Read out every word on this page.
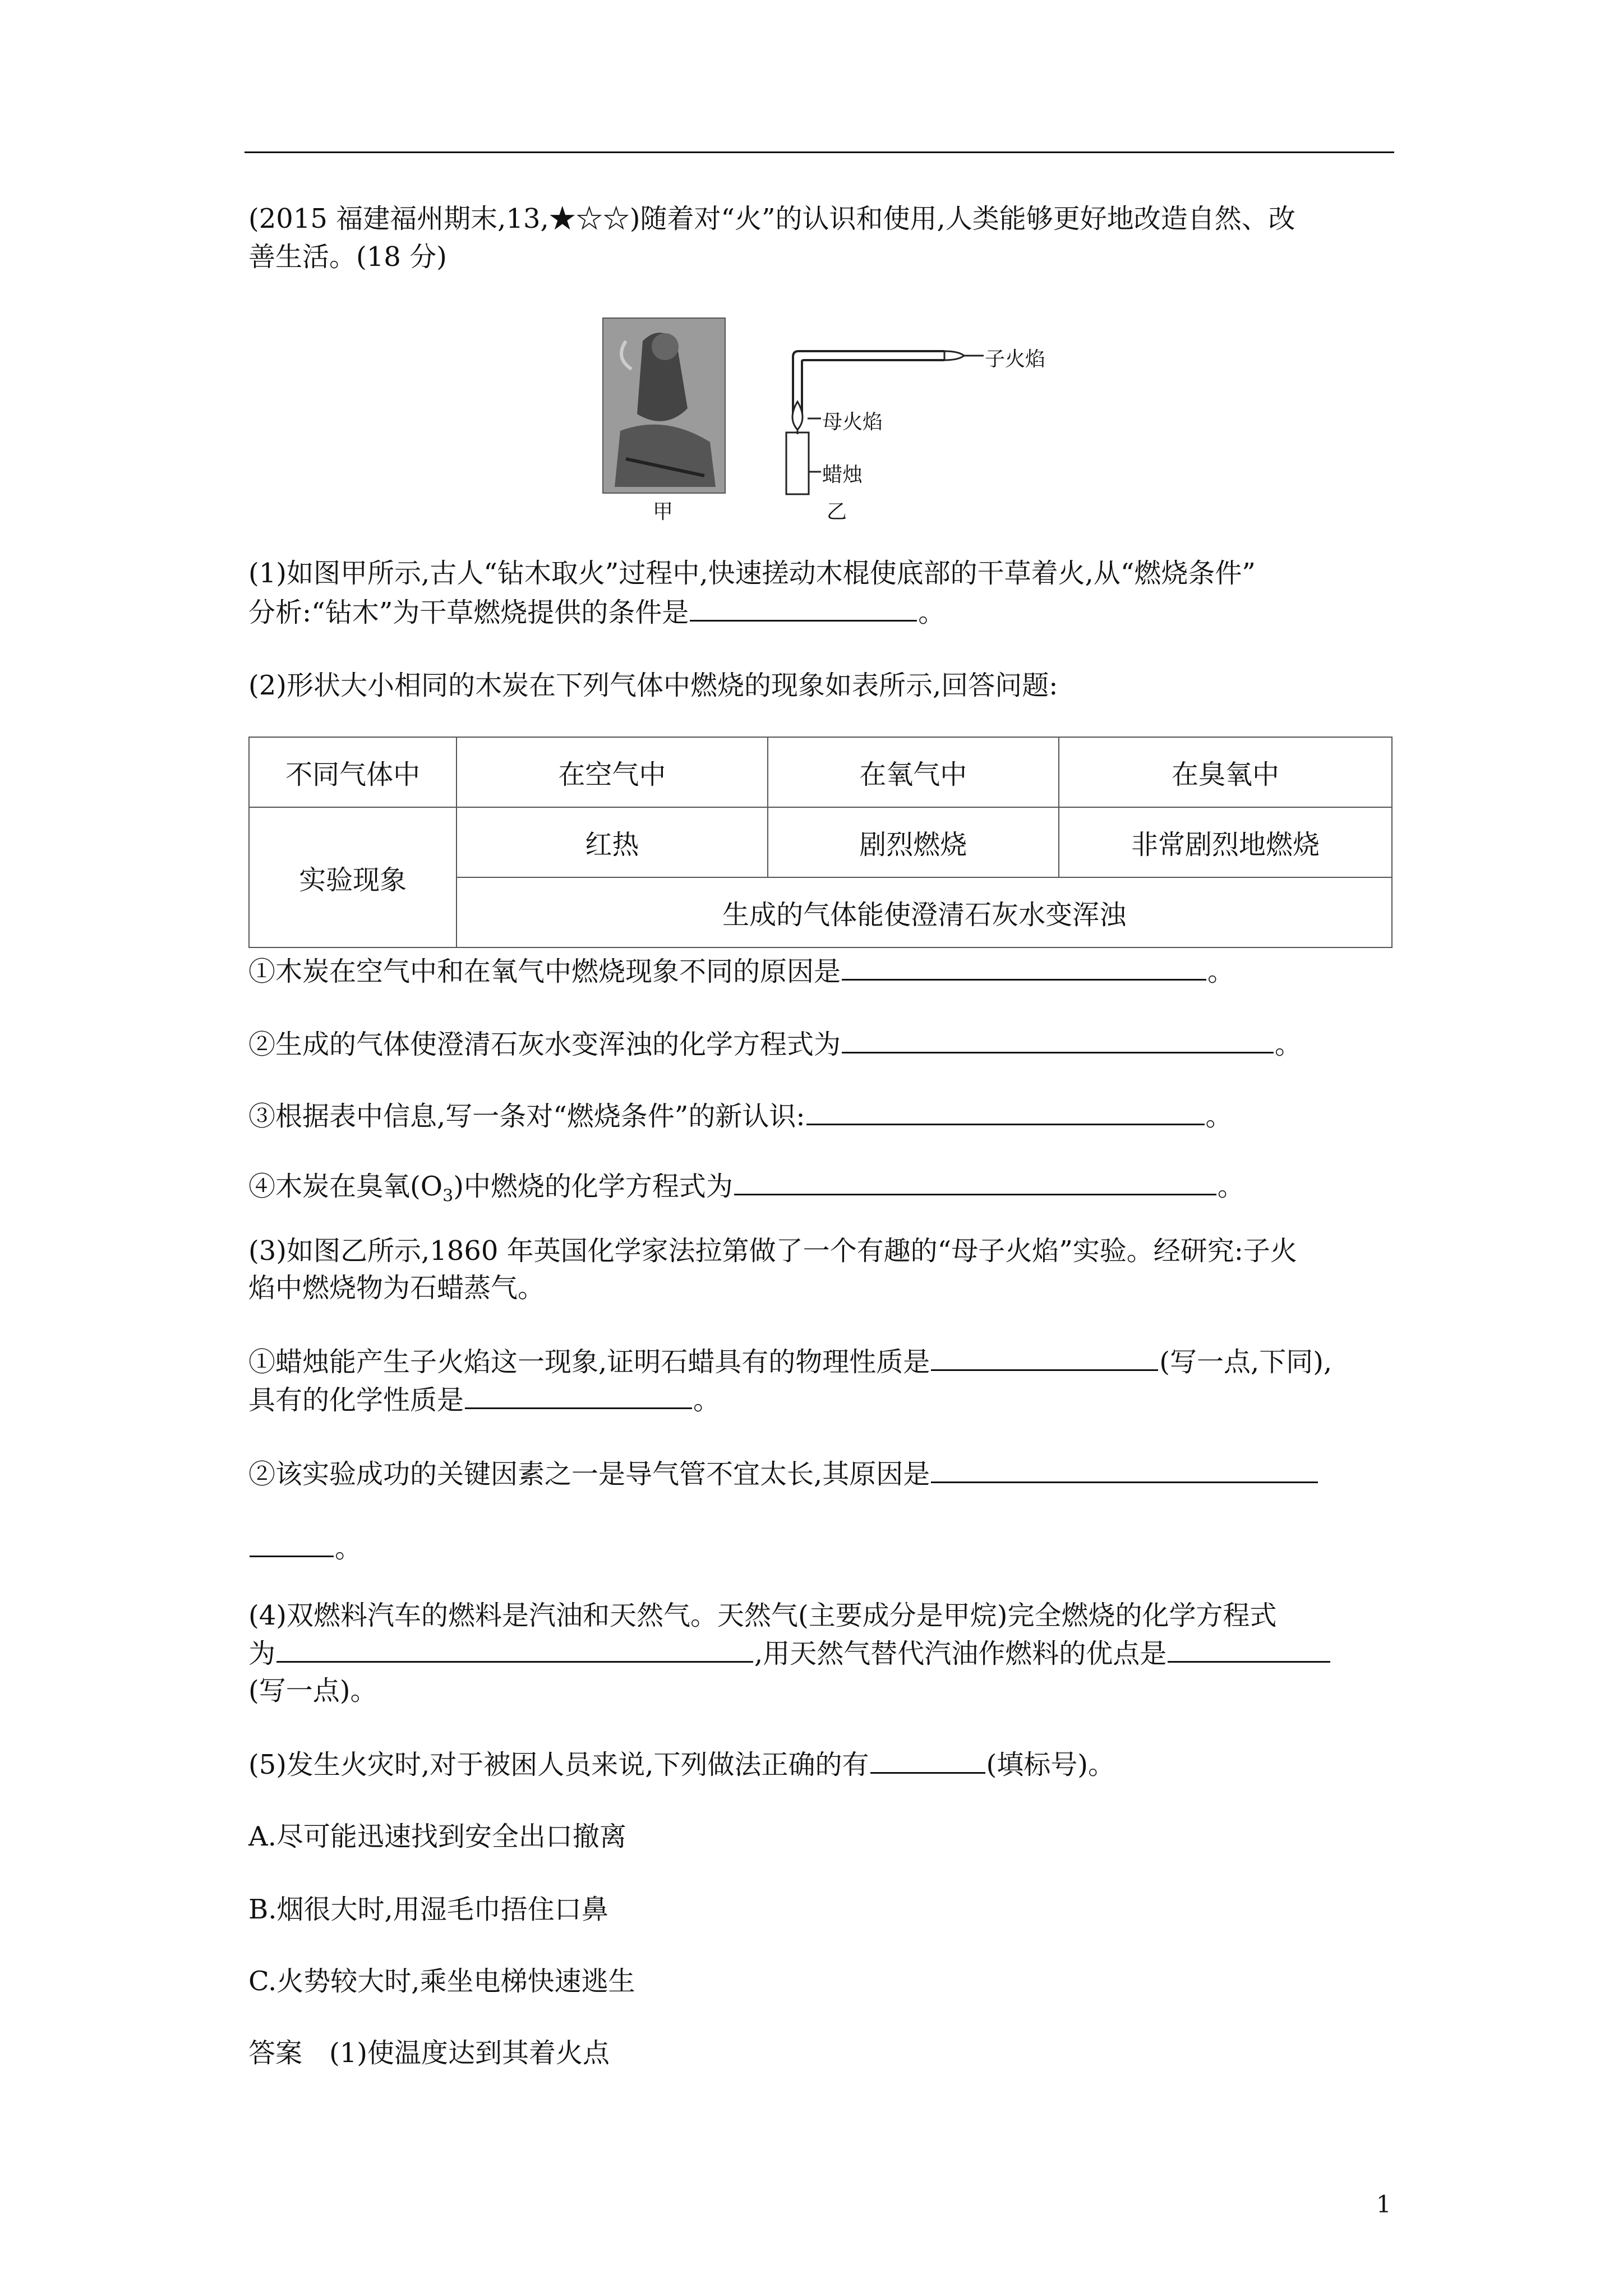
(2015 福建福州期末,13,★☆☆)随着对“火”的认识和使用,人类能够更好地改造自然、改
善生活。(18 分)
甲
子火焰
母火焰
蜡烛
乙
(1)如图甲所示,古人“钻木取火”过程中,快速搓动木棍使底部的干草着火,从“燃烧条件”
分析:“钻木”为干草燃烧提供的条件是	。
(2)形状大小相同的木炭在下列气体中燃烧的现象如表所示,回答问题:
不同气体中	在空气中	在氧气中	在臭氧中
实验现象	红热	剧烈燃烧	非常剧烈地燃烧
	生成的气体能使澄清石灰水变浑浊		
①木炭在空气中和在氧气中燃烧现象不同的原因是	。
②生成的气体使澄清石灰水变浑浊的化学方程式为	。
③根据表中信息,写一条对“燃烧条件”的新认识:	。
④木炭在臭氧$(O_3)$中燃烧的化学方程式为	。
(3)如图乙所示,1860 年英国化学家法拉第做了一个有趣的“母子火焰”实验。经研究:子火
焰中燃烧物为石蜡蒸气。
①蜡烛能产生子火焰这一现象,证明石蜡具有的物理性质是	(写一点,下同),
具有的化学性质是	。
②该实验成功的关键因素之一是导气管不宜太长,其原因是
。
(4)双燃料汽车的燃料是汽油和天然气。天然气(主要成分是甲烷)完全燃烧的化学方程式
为	,用天然气替代汽油作燃料的优点是
(写一点)。
(5)发生火灾时,对于被困人员来说,下列做法正确的有	(填标号)。
A.尽可能迅速找到安全出口撤离
B.烟很大时,用湿毛巾捂住口鼻
C.火势较大时,乘坐电梯快速逃生
答案　(1)使温度达到其着火点
1
